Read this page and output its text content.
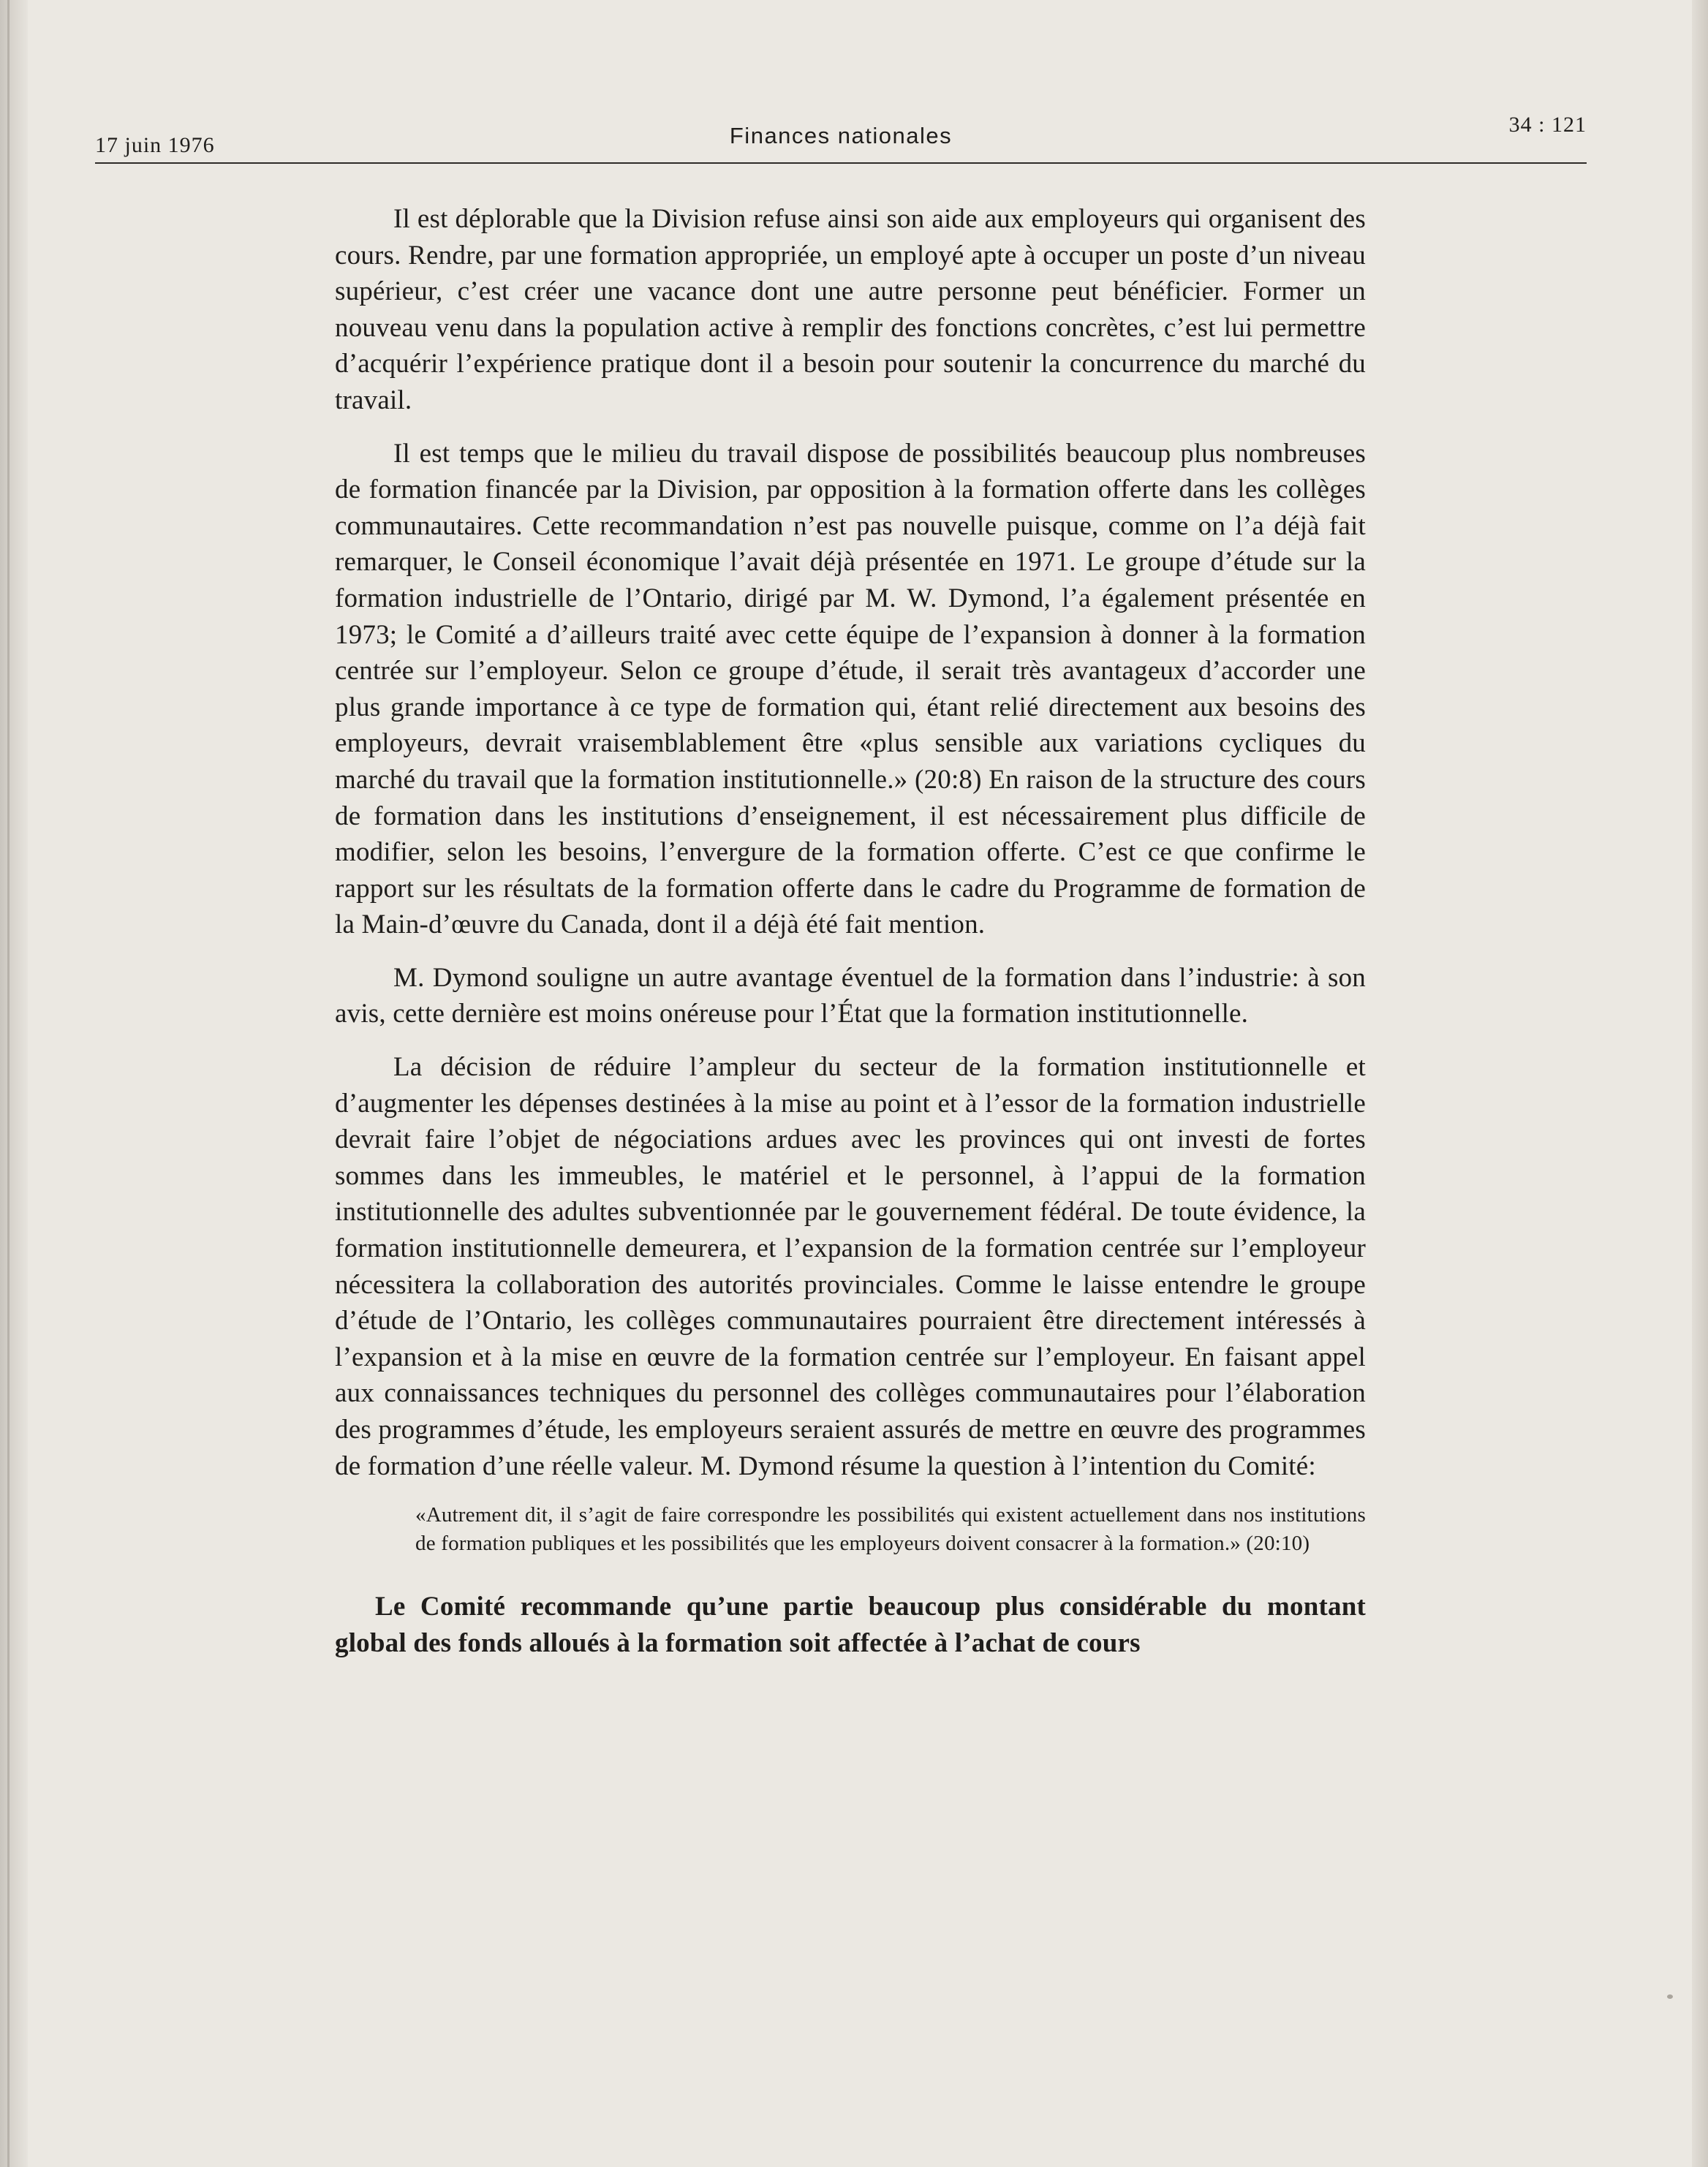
17 juin 1976	Finances nationales	34 : 121

Il est déplorable que la Division refuse ainsi son aide aux employeurs qui organisent des cours. Rendre, par une formation appropriée, un employé apte à occuper un poste d’un niveau supérieur, c’est créer une vacance dont une autre personne peut bénéficier. Former un nouveau venu dans la population active à remplir des fonctions concrètes, c’est lui permettre d’acquérir l’expérience pratique dont il a besoin pour soutenir la concurrence du marché du travail.

Il est temps que le milieu du travail dispose de possibilités beaucoup plus nombreuses de formation financée par la Division, par opposition à la formation offerte dans les collèges communautaires. Cette recommandation n’est pas nouvelle puisque, comme on l’a déjà fait remarquer, le Conseil économique l’avait déjà présentée en 1971. Le groupe d’étude sur la formation industrielle de l’Ontario, dirigé par M. W. Dymond, l’a également présentée en 1973; le Comité a d’ailleurs traité avec cette équipe de l’expansion à donner à la formation centrée sur l’employeur. Selon ce groupe d’étude, il serait très avantageux d’accorder une plus grande importance à ce type de formation qui, étant relié directement aux besoins des employeurs, devrait vraisemblablement être «plus sensible aux variations cycliques du marché du travail que la formation institutionnelle.» (20:8) En raison de la structure des cours de formation dans les institutions d’enseignement, il est nécessairement plus difficile de modifier, selon les besoins, l’envergure de la formation offerte. C’est ce que confirme le rapport sur les résultats de la formation offerte dans le cadre du Programme de formation de la Main-d’œuvre du Canada, dont il a déjà été fait mention.

M. Dymond souligne un autre avantage éventuel de la formation dans l’industrie: à son avis, cette dernière est moins onéreuse pour l’État que la formation institutionnelle.

La décision de réduire l’ampleur du secteur de la formation institutionnelle et d’augmenter les dépenses destinées à la mise au point et à l’essor de la formation industrielle devrait faire l’objet de négociations ardues avec les provinces qui ont investi de fortes sommes dans les immeubles, le matériel et le personnel, à l’appui de la formation institutionnelle des adultes subventionnée par le gouvernement fédéral. De toute évidence, la formation institutionnelle demeurera, et l’expansion de la formation centrée sur l’employeur nécessitera la collaboration des autorités provinciales. Comme le laisse entendre le groupe d’étude de l’Ontario, les collèges communautaires pourraient être directement intéressés à l’expansion et à la mise en œuvre de la formation centrée sur l’employeur. En faisant appel aux connaissances techniques du personnel des collèges communautaires pour l’élaboration des programmes d’étude, les employeurs seraient assurés de mettre en œuvre des programmes de formation d’une réelle valeur. M. Dymond résume la question à l’intention du Comité:

«Autrement dit, il s’agit de faire correspondre les possibilités qui existent actuellement dans nos institutions de formation publiques et les possibilités que les employeurs doivent consacrer à la formation.» (20:10)

Le Comité recommande qu’une partie beaucoup plus considérable du montant global des fonds alloués à la formation soit affectée à l’achat de cours
